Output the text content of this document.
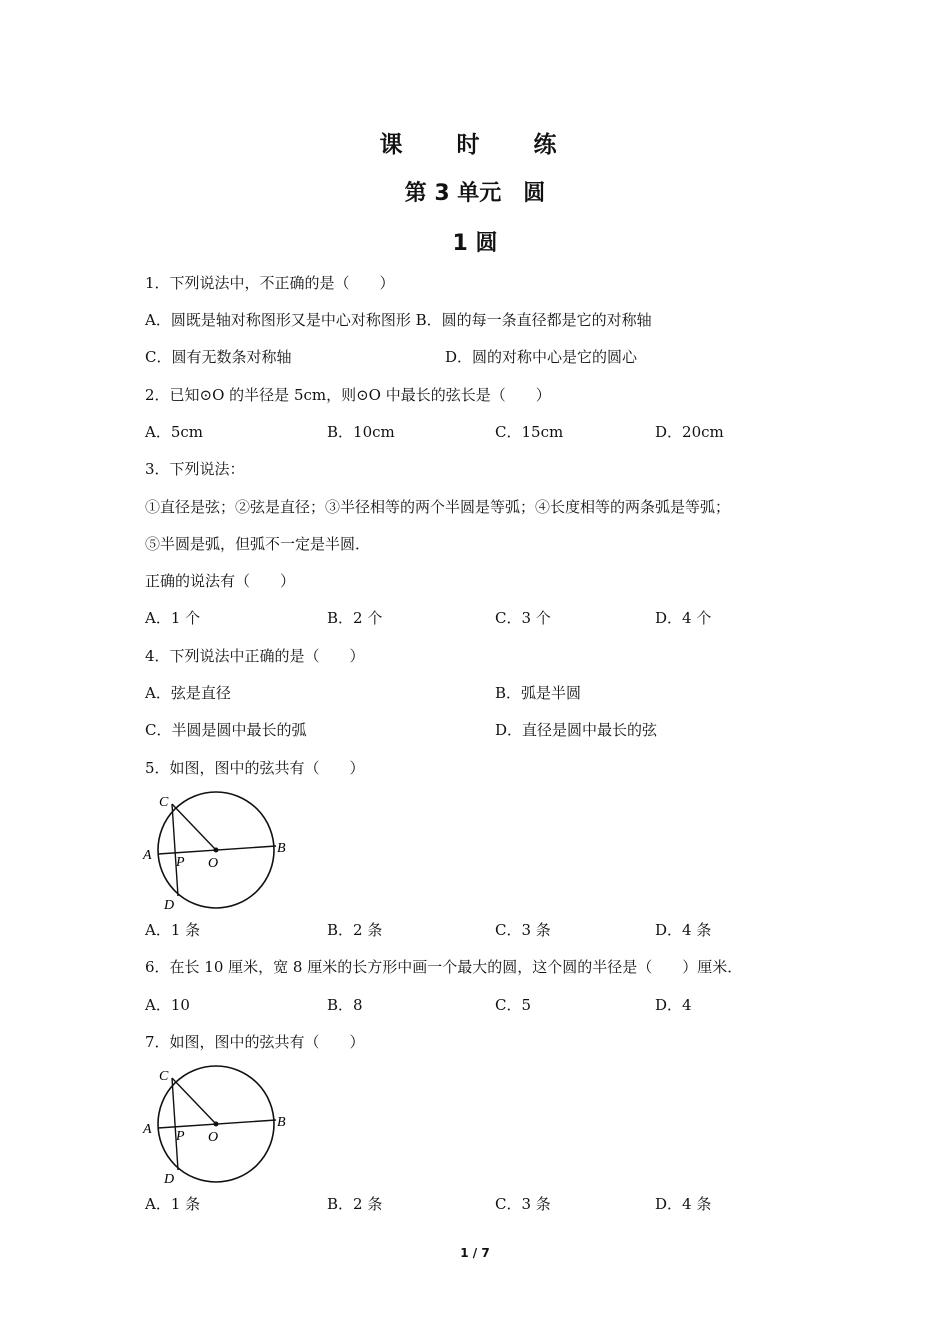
课 时 练
第 3 单元　圆
1 圆
1．下列说法中，不正确的是（　　）
A．圆既是轴对称图形又是中心对称图形 B．圆的每一条直径都是它的对称轴
C．圆有无数条对称轴	D．圆的对称中心是它的圆心
2．已知⊙O 的半径是 5cm，则⊙O 中最长的弦长是（　　）
A．5cm	B．10cm	C．15cm	D．20cm
3．下列说法：
①直径是弦；②弦是直径；③半径相等的两个半圆是等弧；④长度相等的两条弧是等弧；
⑤半圆是弧，但弧不一定是半圆．
正确的说法有（　　）
A．1 个	B．2 个	C．3 个	D．4 个
4．下列说法中正确的是（　　）
A．弦是直径	B．弧是半圆
C．半圆是圆中最长的弧	D．直径是圆中最长的弦
5．如图，图中的弦共有（　　）
C
A P O
B
D
A．1 条	B．2 条	C．3 条	D．4 条
6．在长 10 厘米，宽 8 厘米的长方形中画一个最大的圆，这个圆的半径是（　　）厘米．
A．10	B．8	C．5	D．4
7．如图，图中的弦共有（　　）
C
A P O
B
D
A．1 条	B．2 条	C．3 条	D．4 条
1 / 7
